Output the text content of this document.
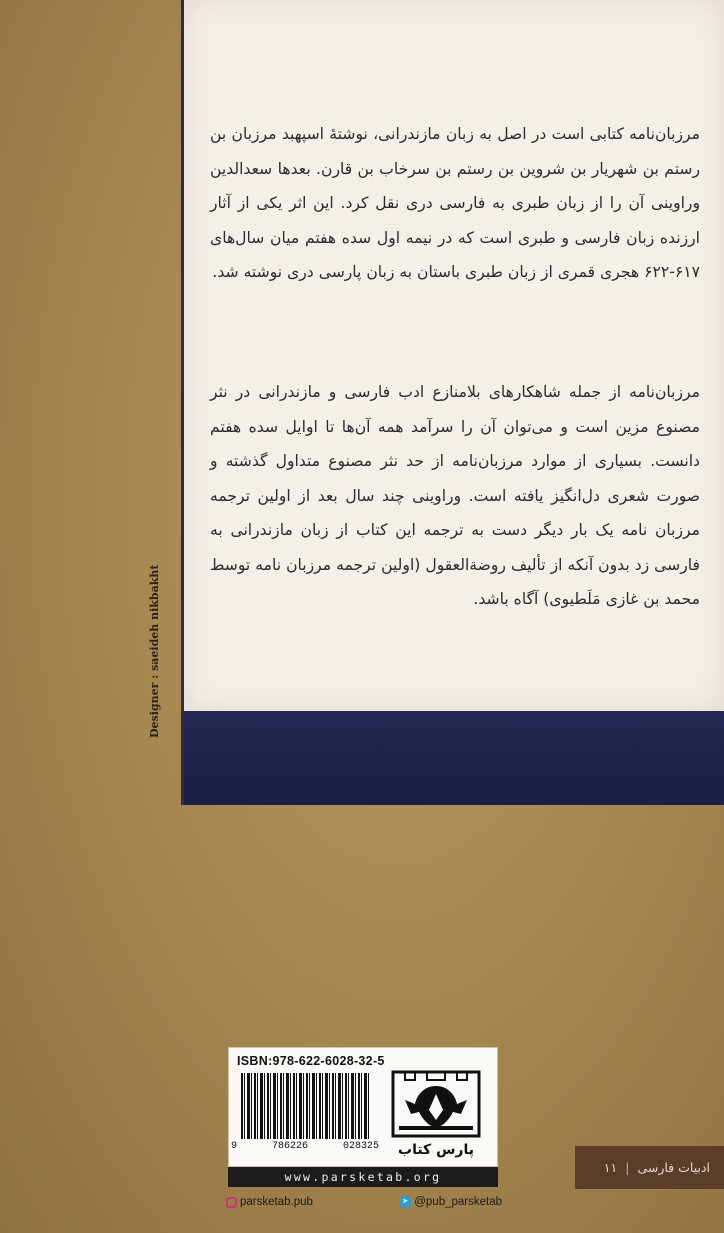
مرزبان‌نامه کتابی است در اصل به زبان مازندرانی، نوشتهٔ اسپهبد مرزبان بن رستم بن شهریار بن شروین بن رستم بن سرخاب بن قارن. بعدها سعدالدین وراوینی آن را از زبان طبری به فارسی دری نقل کرد. این اثر یکی از آثار ارزنده زبان فارسی و طبری است که در نیمه اول سده هفتم میان سال‌های ۶۱۷-۶۲۲ هجری قمری از زبان طبری باستان به زبان پارسی دری نوشته شد.

مرزبان‌نامه از جمله شاهکارهای بلامنازع ادب فارسی و مازندرانی در نثر مصنوع مزین است و می‌توان آن را سرآمد همه آن‌ها تا اوایل سده هفتم دانست. بسیاری از موارد مرزبان‌نامه از حد نثر مصنوع متداول گذشته و صورت شعری دل‌انگیز یافته است. وراوینی چند سال بعد از اولین ترجمه مرزبان نامه یک بار دیگر دست به ترجمه این کتاب از زبان مازندرانی به فارسی زد بدون آنکه از تألیف روضةالعقول (اولین ترجمه مرزبان نامه توسط محمد بن غازی مَلَطیوی) آگاه باشد.

Designer : saeideh nikbakht
ISBN:978-622-6028-32-5
9	786226	028325	پارس کتاب
www.parsketab.org
parsketab.pub	➤ @pub_parsketab
ادبیات فارسی
|
۱۱
